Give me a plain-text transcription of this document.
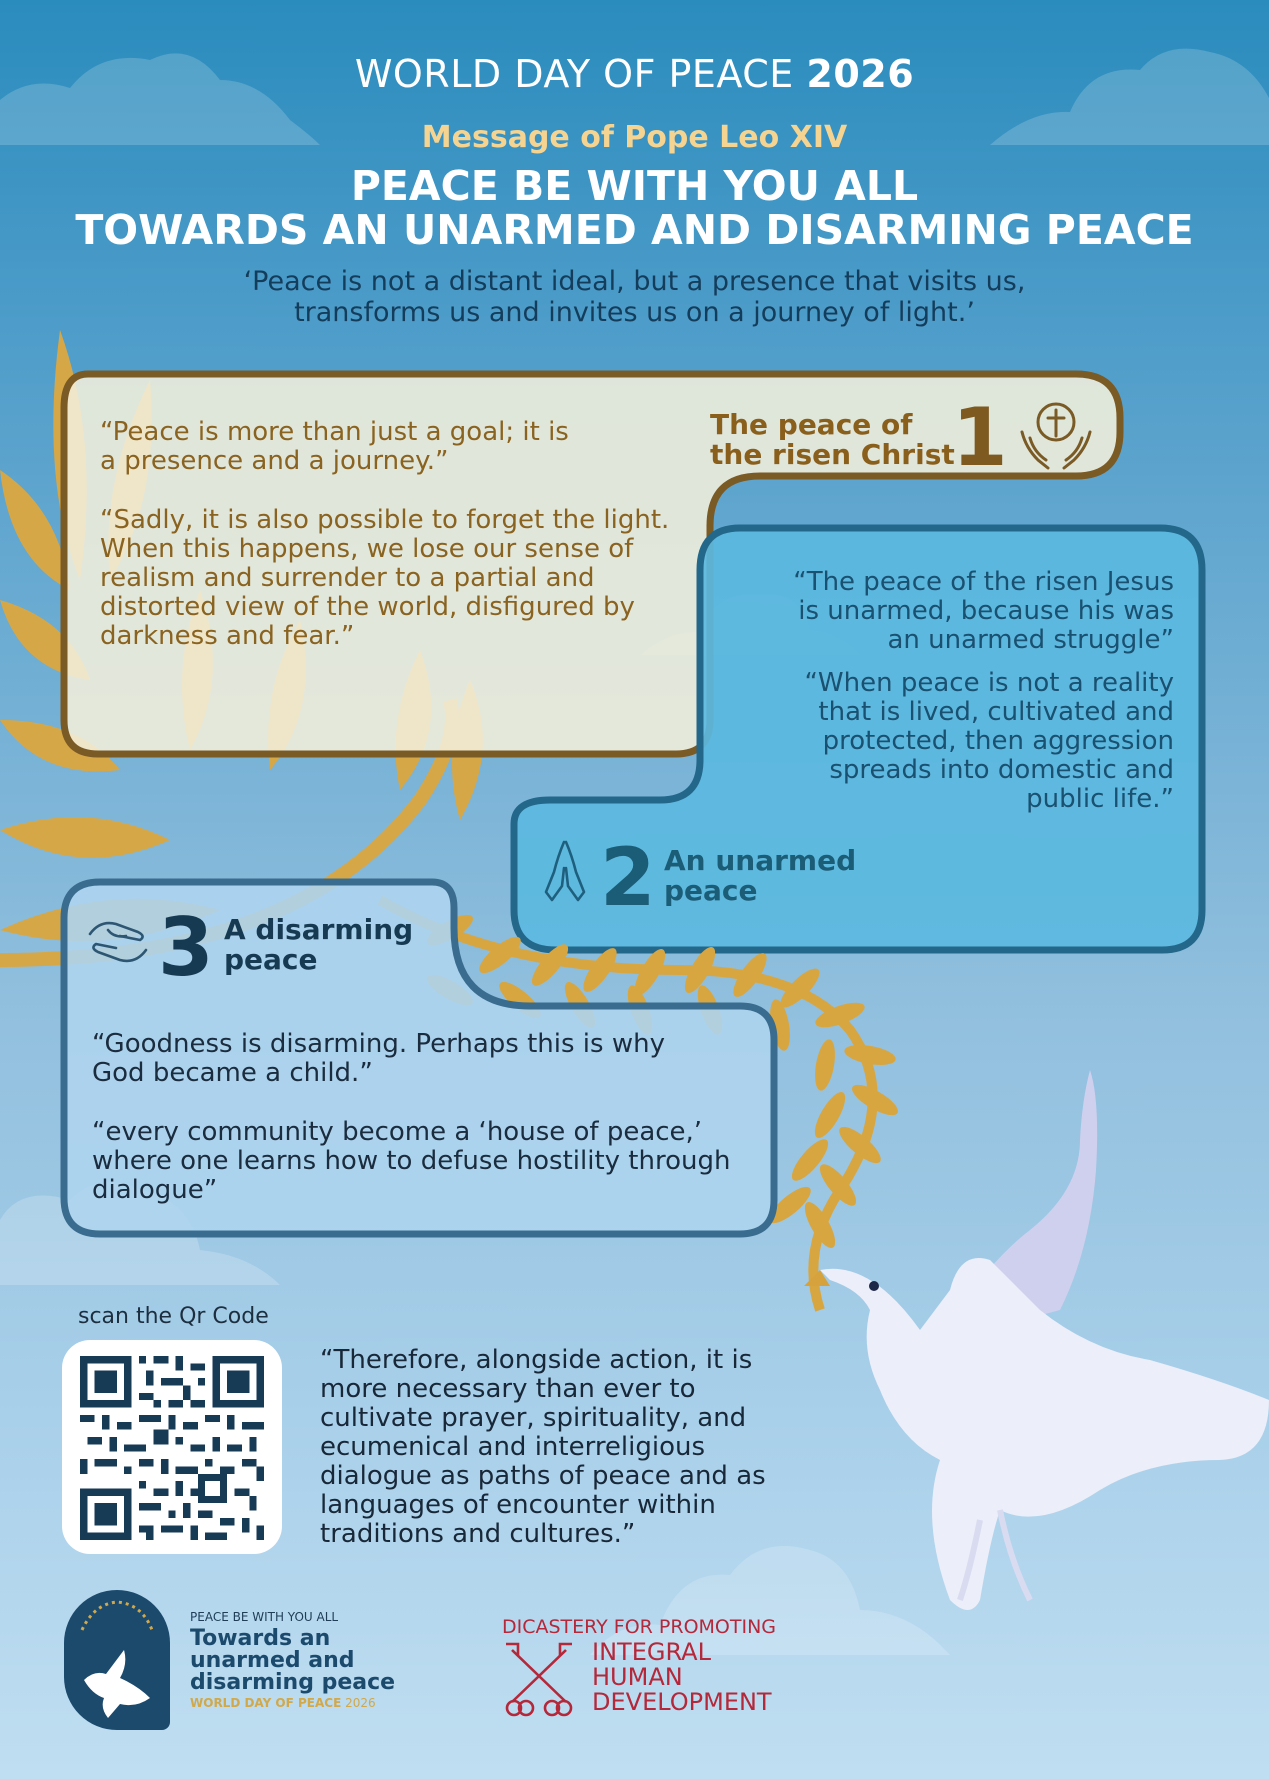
WORLD DAY OF PEACE 2026
Message of Pope Leo XIV
PEACE BE WITH YOU ALL
TOWARDS AN UNARMED AND DISARMING PEACE
‘Peace is not a distant ideal, but a presence that visits us,
transforms us and invites us on a journey of light.’

“Peace is more than just a goal; it is a presence and a journey.”

“Sadly, it is also possible to forget the light. When this happens, we lose our sense of realism and surrender to a partial and distorted view of the world, disfigured by darkness and fear.”

The peace of
the risen Christ
1

“The peace of the risen Jesus is unarmed, because his was an unarmed struggle”

“When peace is not a reality that is lived, cultivated and protected, then aggression spreads into domestic and public life.”

2 An unarmed
peace
3 A disarming
peace

“Goodness is disarming. Perhaps this is why God became a child.”

“every community become a ‘house of peace,’ where one learns how to defuse hostility through dialogue”

scan the Qr Code
“Therefore, alongside action, it is more necessary than ever to cultivate prayer, spirituality, and ecumenical and interreligious dialogue as paths of peace and as languages of encounter within traditions and cultures.”
PEACE BE WITH YOU ALL
Towards an
unarmed and
disarming peace
WORLD DAY OF PEACE 2026
DICASTERY FOR PROMOTING
INTEGRAL
HUMAN
DEVELOPMENT
